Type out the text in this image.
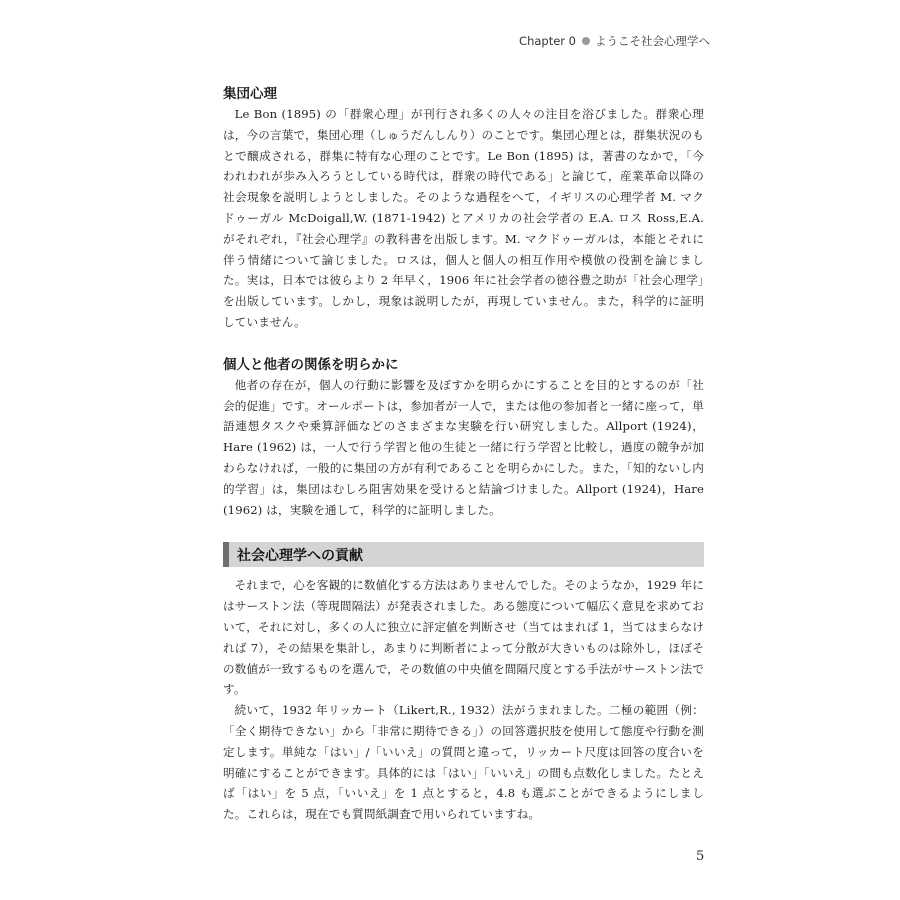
Chapter 0 ようこそ社会心理学へ
集団心理

Le Bon (1895) の「群衆心理」が刊行され多くの人々の注目を浴びました。群衆心理は，今の言葉で，集団心理（しゅうだんしんり）のことです。集団心理とは，群集状況のもとで醸成される，群集に特有な心理のことです。Le Bon (1895) は，著書のなかで，「今われわれが歩み入ろうとしている時代は，群衆の時代である」と論じて，産業革命以降の社会現象を説明しようとしました。そのような過程をへて，イギリスの心理学者 M. マクドゥーガル McDoigall,W. (1871-1942) とアメリカの社会学者の E.A. ロス Ross,E.A. がそれぞれ，『社会心理学』の教科書を出版します。M. マクドゥーガルは，本能とそれに伴う情緒について論じました。ロスは，個人と個人の相互作用や模倣の役割を論じました。実は，日本では彼らより 2 年早く，1906 年に社会学者の徳谷豊之助が「社会心理学」を出版しています。しかし，現象は説明したが，再現していません。また，科学的に証明していません。

個人と他者の関係を明らかに

他者の存在が，個人の行動に影響を及ぼすかを明らかにすることを目的とするのが「社会的促進」です。オールポートは，参加者が一人で，または他の参加者と一緒に座って，単語連想タスクや乗算評価などのさまざまな実験を行い研究しました。Allport (1924)，Hare (1962) は，一人で行う学習と他の生徒と一緒に行う学習と比較し，過度の競争が加わらなければ，一般的に集団の方が有利であることを明らかにした。また，「知的ないし内的学習」は，集団はむしろ阻害効果を受けると結論づけました。Allport (1924)，Hare (1962) は，実験を通して，科学的に証明しました。

社会心理学への貢献

それまで，心を客観的に数値化する方法はありませんでした。そのようなか，1929 年にはサーストン法（等現間隔法）が発表されました。ある態度について幅広く意見を求めておいて，それに対し，多くの人に独立に評定値を判断させ（当てはまれば 1，当てはまらなければ 7），その結果を集計し，あまりに判断者によって分散が大きいものは除外し，ほぼその数値が一致するものを選んで，その数値の中央値を間隔尺度とする手法がサーストン法です。

続いて，1932 年リッカート（Likert,R., 1932）法がうまれました。二極の範囲（例：「全く期待できない」から「非常に期待できる」）の回答選択肢を使用して態度や行動を測定します。単純な「はい」/「いいえ」の質問と違って，リッカート尺度は回答の度合いを明確にすることができます。具体的には「はい」「いいえ」の間も点数化しました。たとえば「はい」を 5 点，「いいえ」を 1 点とすると，4.8 も選ぶことができるようにしました。これらは，現在でも質問紙調査で用いられていますね。

5
